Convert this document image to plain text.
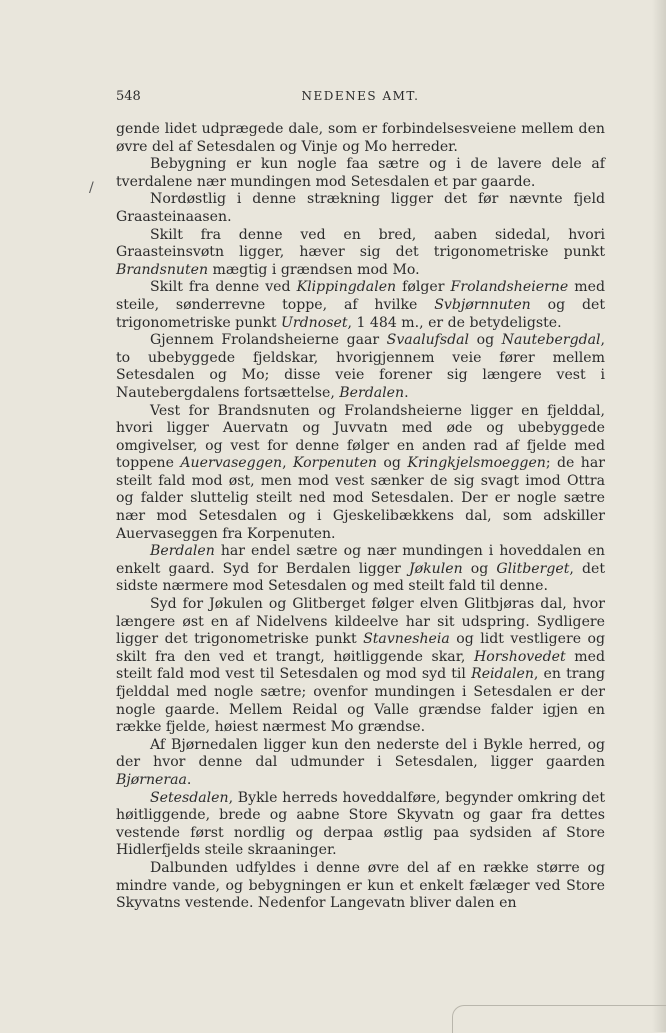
548	NEDENES AMT.
/

gende lidet udprægede dale, som er forbindelsesveiene mellem den øvre del af Setesdalen og Vinje og Mo herreder.

Bebygning er kun nogle faa sætre og i de lavere dele af tverdalene nær mundingen mod Setesdalen et par gaarde.

Nordøstlig i denne strækning ligger det før nævnte fjeld Graasteinaasen.

Skilt fra denne ved en bred, aaben sidedal, hvori Graasteinsvøtn ligger, hæver sig det trigonometriske punkt Brandsnuten mægtig i grændsen mod Mo.

Skilt fra denne ved Klippingdalen følger Frolandsheierne med steile, sønderrevne toppe, af hvilke Svbjørnnuten og det trigonometriske punkt Urdnoset, 1 484 m., er de betydeligste.

Gjennem Frolandsheierne gaar Svaalufsdal og Nautebergdal, to ubebyggede fjeldskar, hvorigjennem veie fører mellem Setesdalen og Mo; disse veie forener sig længere vest i Nautebergdalens fortsættelse, Berdalen.

Vest for Brandsnuten og Frolandsheierne ligger en fjelddal, hvori ligger Auervatn og Juvvatn med øde og ubebyggede omgivelser, og vest for denne følger en anden rad af fjelde med toppene Auervaseggen, Korpenuten og Kringkjelsmoeggen; de har steilt fald mod øst, men mod vest sænker de sig svagt imod Ottra og falder sluttelig steilt ned mod Setesdalen. Der er nogle sætre nær mod Setesdalen og i Gjeskelibækkens dal, som adskiller Auervaseggen fra Korpenuten.

Berdalen har endel sætre og nær mundingen i hoveddalen en enkelt gaard. Syd for Berdalen ligger Jøkulen og Glitberget, det sidste nærmere mod Setesdalen og med steilt fald til denne.

Syd for Jøkulen og Glitberget følger elven Glitbjøras dal, hvor længere øst en af Nidelvens kildeelve har sit udspring. Sydligere ligger det trigonometriske punkt Stavnesheia og lidt vestligere og skilt fra den ved et trangt, høitliggende skar, Horshovedet med steilt fald mod vest til Setesdalen og mod syd til Reidalen, en trang fjelddal med nogle sætre; ovenfor mundingen i Setesdalen er der nogle gaarde. Mellem Reidal og Valle grændse falder igjen en række fjelde, høiest nærmest Mo grændse.

Af Bjørnedalen ligger kun den nederste del i Bykle herred, og der hvor denne dal udmunder i Setesdalen, ligger gaarden Bjørneraa.

Setesdalen, Bykle herreds hoveddalføre, begynder omkring det høitliggende, brede og aabne Store Skyvatn og gaar fra dettes vestende først nordlig og derpaa østlig paa sydsiden af Store Hidlerfjelds steile skraaninger.

Dalbunden udfyldes i denne øvre del af en række større og mindre vande, og bebygningen er kun et enkelt fælæger ved Store Skyvatns vestende. Nedenfor Langevatn bliver dalen en
